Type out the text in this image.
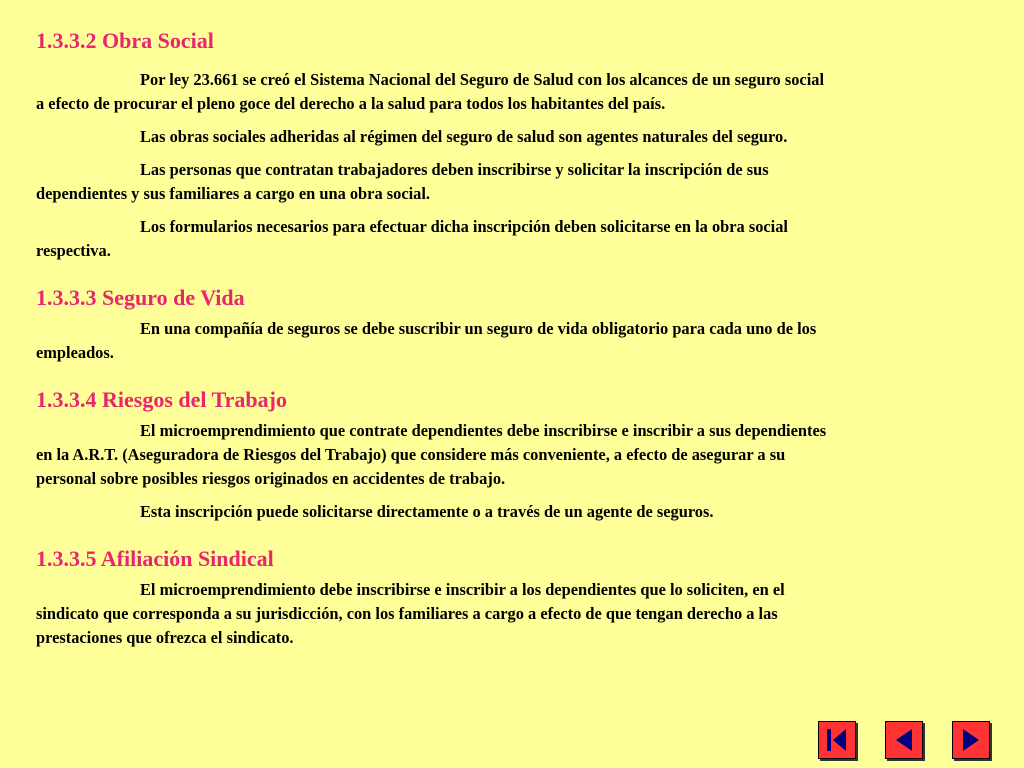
1.3.3.2 Obra Social

Por ley 23.661 se creó el Sistema Nacional del Seguro de Salud con los alcances de un seguro social
a efecto de procurar el pleno goce del derecho a la salud para todos los habitantes del país.

Las obras sociales adheridas al régimen del seguro de salud son agentes naturales del seguro.

Las personas que contratan trabajadores deben inscribirse y solicitar la inscripción de sus
dependientes y sus familiares a cargo en una obra social.

Los formularios necesarios para efectuar dicha inscripción deben solicitarse en la obra social
respectiva.

1.3.3.3 Seguro de Vida

En una compañía de seguros se debe suscribir un seguro de vida obligatorio para cada uno de los
empleados.

1.3.3.4 Riesgos del Trabajo

El microemprendimiento que contrate dependientes debe inscribirse e inscribir a sus dependientes
en la A.R.T. (Aseguradora de Riesgos del Trabajo) que considere más conveniente, a efecto de asegurar a su
personal sobre posibles riesgos originados en accidentes de trabajo.

Esta inscripción puede solicitarse directamente o a través de un agente de seguros.

1.3.3.5 Afiliación Sindical

El microemprendimiento debe inscribirse e inscribir a los dependientes que lo soliciten, en el
sindicato que corresponda a su jurisdicción, con los familiares a cargo a efecto de que tengan derecho a las
prestaciones que ofrezca el sindicato.
